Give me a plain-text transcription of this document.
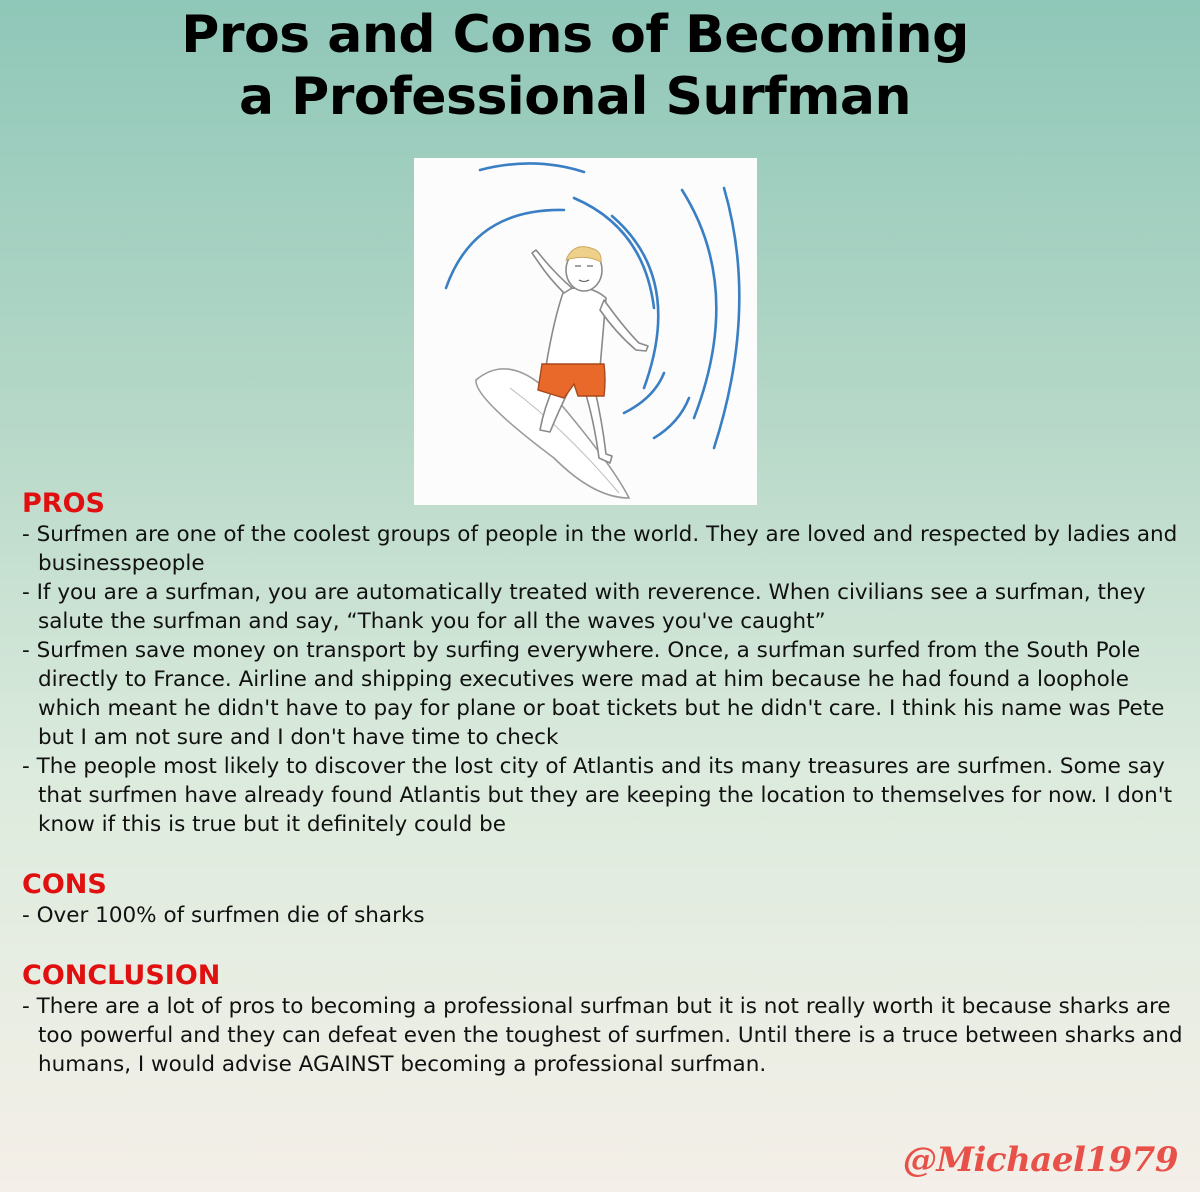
Pros and Cons of Becoming
a Professional Surfman

PROS

- Surfmen are one of the coolest groups of people in the world. They are loved and respected by ladies and businesspeople

- If you are a surfman, you are automatically treated with reverence. When civilians see a surfman, they salute the surfman and say, “Thank you for all the waves you've caught”

- Surfmen save money on transport by surfing everywhere. Once, a surfman surfed from the South Pole directly to France. Airline and shipping executives were mad at him because he had found a loophole which meant he didn't have to pay for plane or boat tickets but he didn't care. I think his name was Pete but I am not sure and I don't have time to check

- The people most likely to discover the lost city of Atlantis and its many treasures are surfmen. Some say that surfmen have already found Atlantis but they are keeping the location to themselves for now. I don't know if this is true but it definitely could be

CONS

- Over 100% of surfmen die of sharks

CONCLUSION

- There are a lot of pros to becoming a professional surfman but it is not really worth it because sharks are too powerful and they can defeat even the toughest of surfmen. Until there is a truce between sharks and humans, I would advise AGAINST becoming a professional surfman.

@Michael1979
